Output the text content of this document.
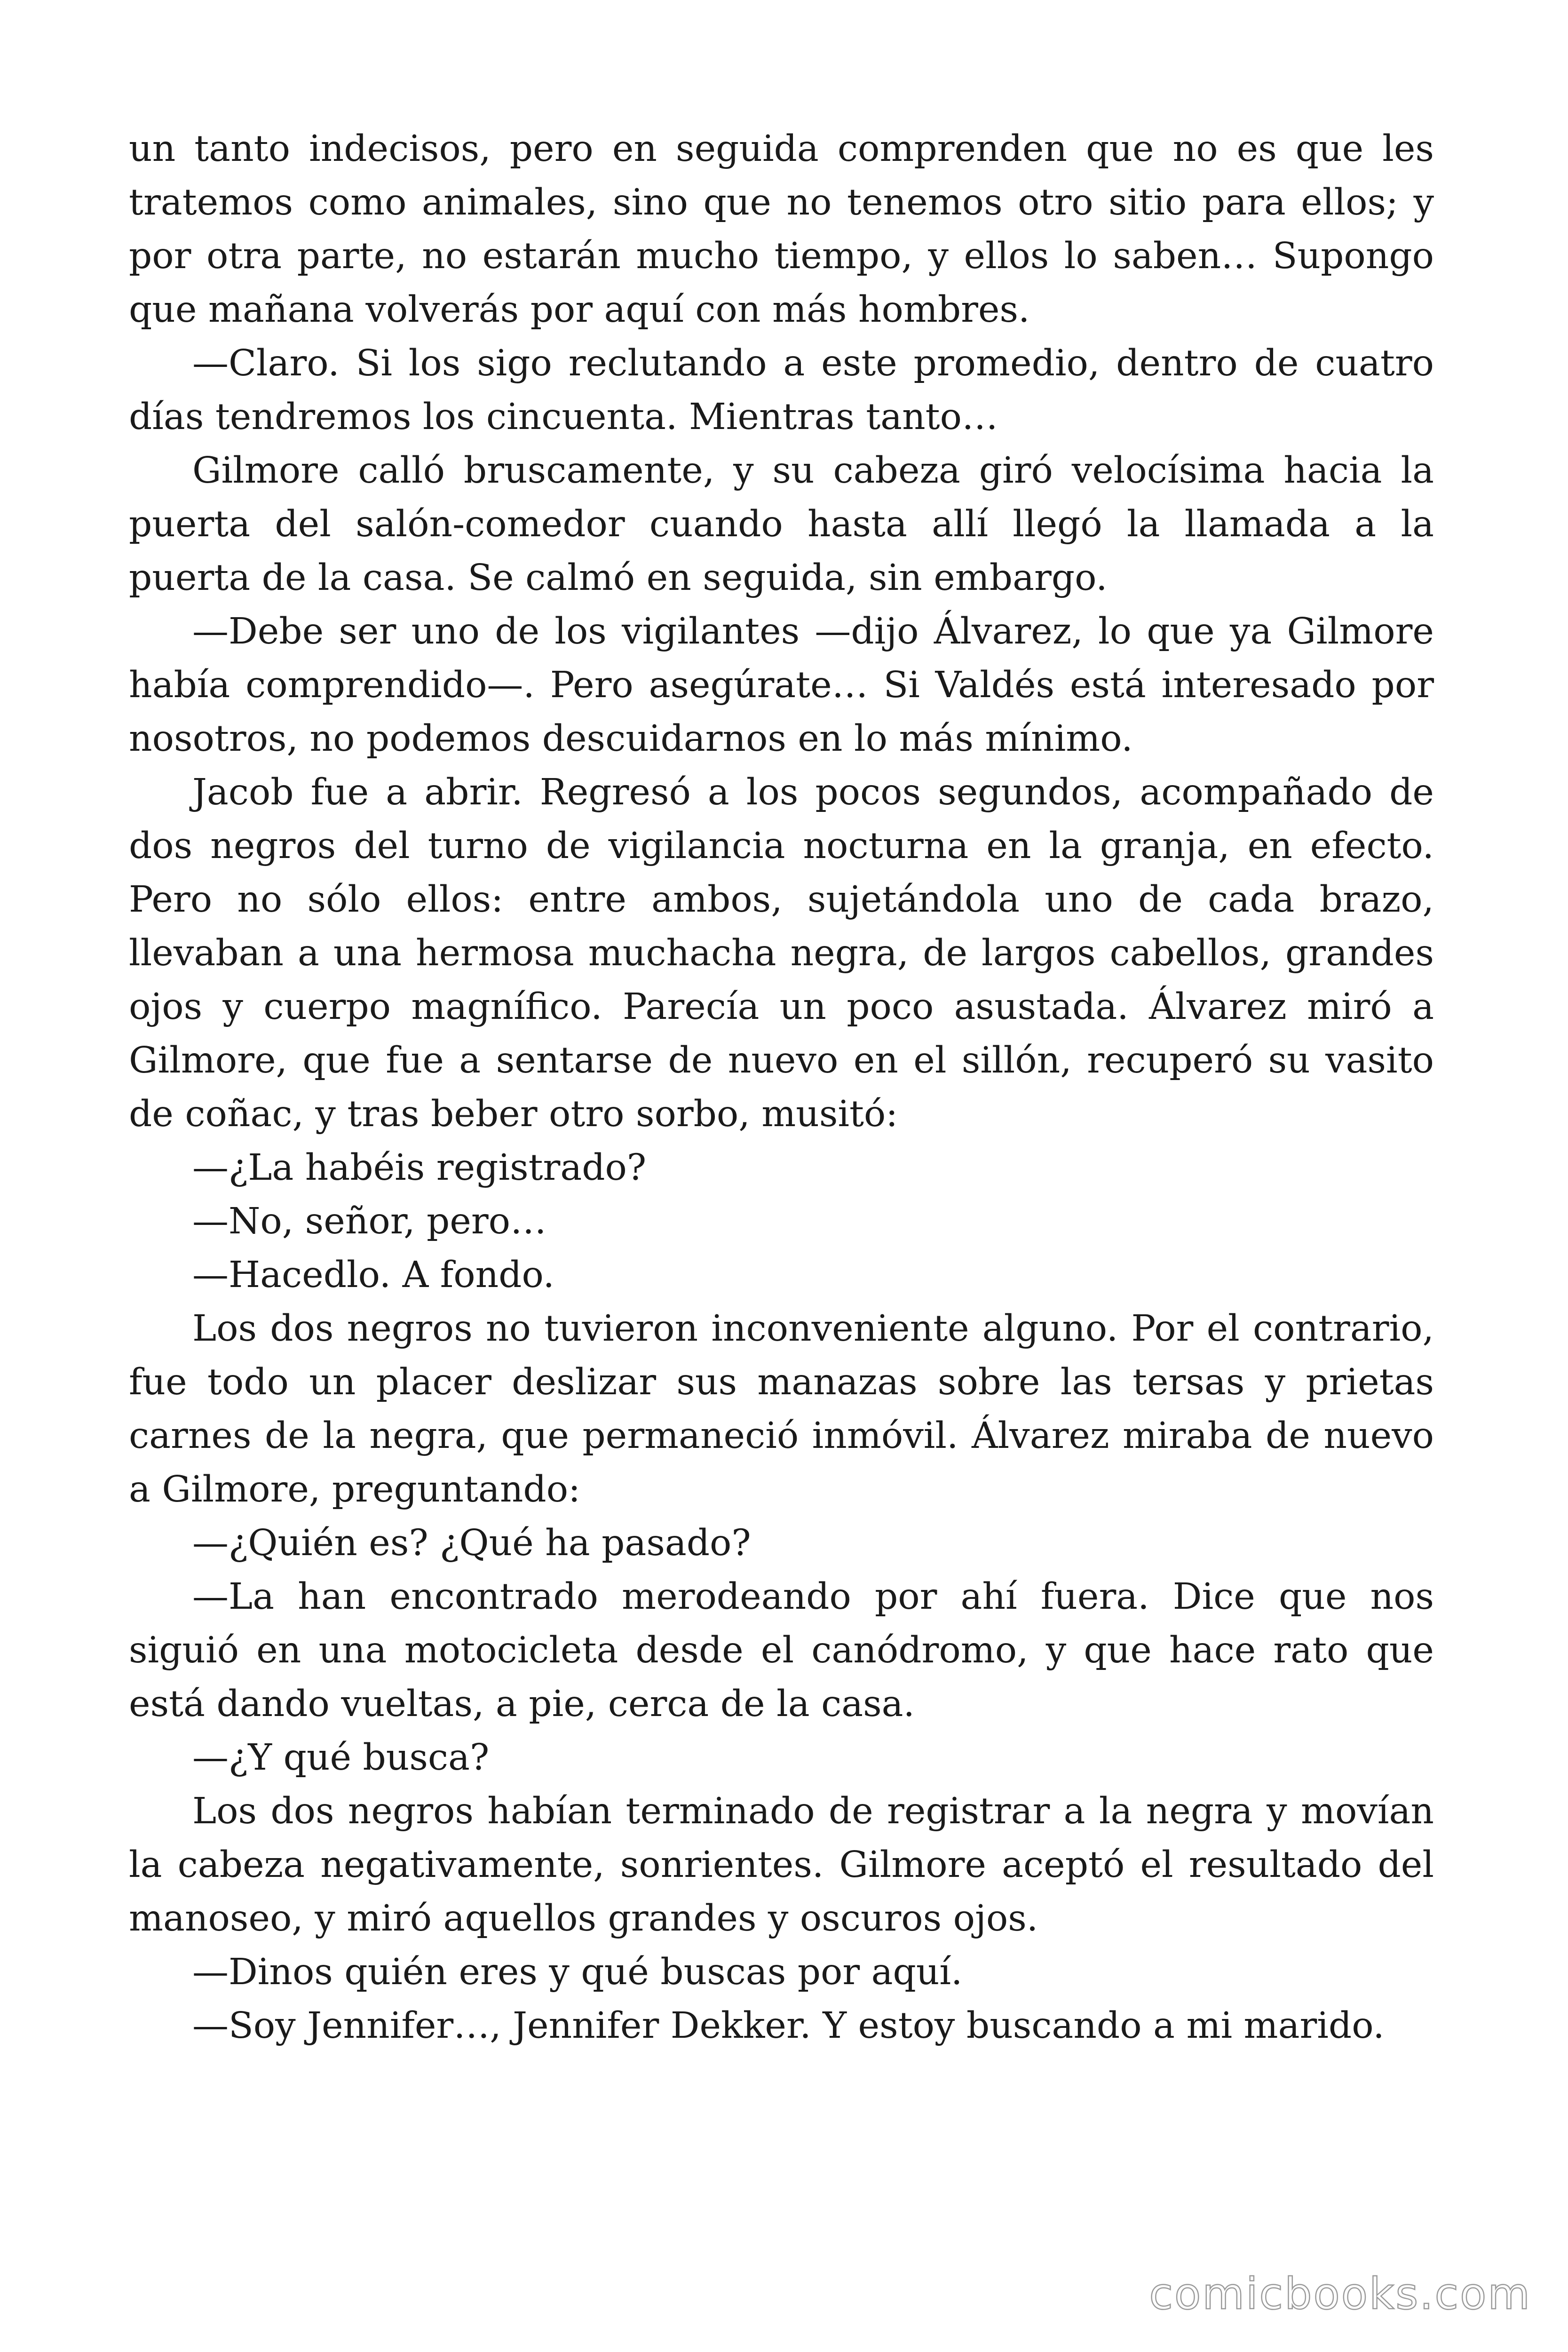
un tanto indecisos, pero en seguida comprenden que no es que les tratemos como animales, sino que no tenemos otro sitio para ellos; y por otra parte, no estarán mucho tiempo, y ellos lo saben… Supongo que mañana volverás por aquí con más hombres.

—Claro. Si los sigo reclutando a este promedio, dentro de cuatro días tendremos los cincuenta. Mientras tanto…

Gilmore calló bruscamente, y su cabeza giró velocísima hacia la puerta del salón-comedor cuando hasta allí llegó la llamada a la puerta de la casa. Se calmó en seguida, sin embargo.

—Debe ser uno de los vigilantes —dijo Álvarez, lo que ya Gilmore había comprendido—. Pero asegúrate… Si Valdés está interesado por nosotros, no podemos descuidarnos en lo más mínimo.

Jacob fue a abrir. Regresó a los pocos segundos, acompañado de dos negros del turno de vigilancia nocturna en la granja, en efecto. Pero no sólo ellos: entre ambos, sujetándola uno de cada brazo, llevaban a una hermosa muchacha negra, de largos cabellos, grandes ojos y cuerpo magnífico. Parecía un poco asustada. Álvarez miró a Gilmore, que fue a sentarse de nuevo en el sillón, recuperó su vasito de coñac, y tras beber otro sorbo, musitó:

—¿La habéis registrado?

—No, señor, pero…

—Hacedlo. A fondo.

Los dos negros no tuvieron inconveniente alguno. Por el contrario, fue todo un placer deslizar sus manazas sobre las tersas y prietas carnes de la negra, que permaneció inmóvil. Álvarez miraba de nuevo a Gilmore, preguntando:

—¿Quién es? ¿Qué ha pasado?

—La han encontrado merodeando por ahí fuera. Dice que nos siguió en una motocicleta desde el canódromo, y que hace rato que está dando vueltas, a pie, cerca de la casa.

—¿Y qué busca?

Los dos negros habían terminado de registrar a la negra y movían la cabeza negativamente, sonrientes. Gilmore aceptó el resultado del manoseo, y miró aquellos grandes y oscuros ojos.

—Dinos quién eres y qué buscas por aquí.

—Soy Jennifer…, Jennifer Dekker. Y estoy buscando a mi marido.

comicbooks.com
